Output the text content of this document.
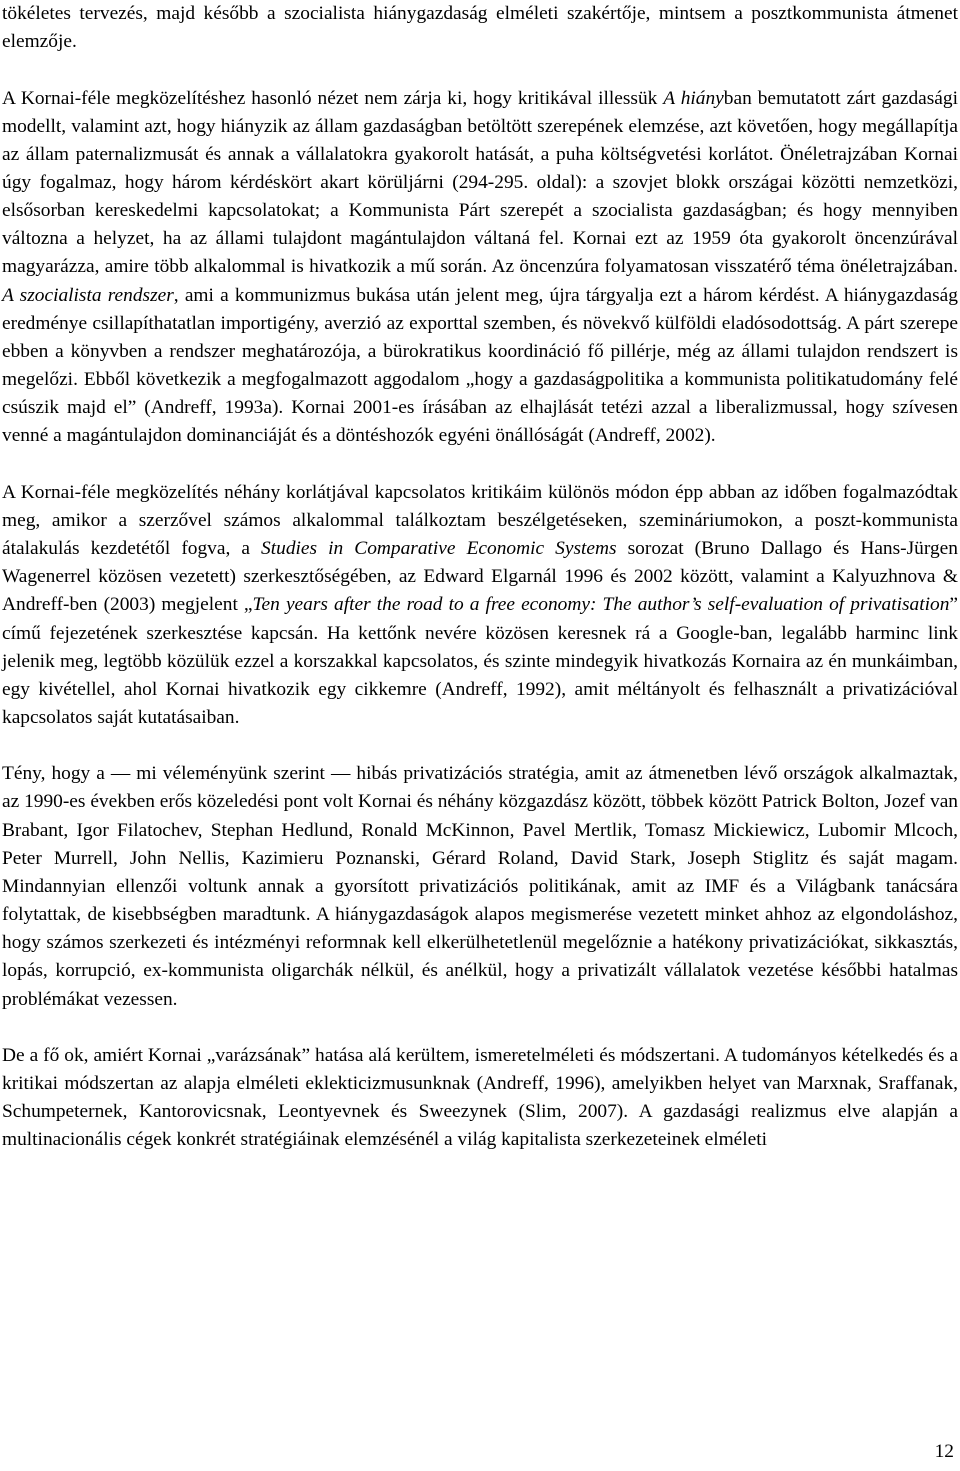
tökéletes tervezés, majd később a szocialista hiánygazdaság elméleti szakértője, mintsem a posztkommunista átmenet elemzője.

A Kornai-féle megközelítéshez hasonló nézet nem zárja ki, hogy kritikával illessük A hiányban bemutatott zárt gazdasági modellt, valamint azt, hogy hiányzik az állam gazdaságban betöltött szerepének elemzése, azt követően, hogy megállapítja az állam paternalizmusát és annak a vállalatokra gyakorolt hatását, a puha költségvetési korlátot. Önéletrajzában Kornai úgy fogalmaz, hogy három kérdéskört akart körüljárni (294-295. oldal): a szovjet blokk országai közötti nemzetközi, elsősorban kereskedelmi kapcsolatokat; a Kommunista Párt szerepét a szocialista gazdaságban; és hogy mennyiben változna a helyzet, ha az állami tulajdont magántulajdon váltaná fel. Kornai ezt az 1959 óta gyakorolt öncenzúrával magyarázza, amire több alkalommal is hivatkozik a mű során. Az öncenzúra folyamatosan visszatérő téma önéletrajzában. A szocialista rendszer, ami a kommunizmus bukása után jelent meg, újra tárgyalja ezt a három kérdést. A hiánygazdaság eredménye csillapíthatatlan importigény, averzió az exporttal szemben, és növekvő külföldi eladósodottság. A párt szerepe ebben a könyvben a rendszer meghatározója, a bürokratikus koordináció fő pillérje, még az állami tulajdon rendszert is megelőzi. Ebből következik a megfogalmazott aggodalom „hogy a gazdaságpolitika a kommunista politikatudomány felé csúszik majd el” (Andreff, 1993a). Kornai 2001-es írásában az elhajlását tetézi azzal a liberalizmussal, hogy szívesen venné a magántulajdon dominanciáját és a döntéshozók egyéni önállóságát (Andreff, 2002).

A Kornai-féle megközelítés néhány korlátjával kapcsolatos kritikáim különös módon épp abban az időben fogalmazódtak meg, amikor a szerzővel számos alkalommal találkoztam beszélgetéseken, szemináriumokon, a poszt-kommunista átalakulás kezdetétől fogva, a Studies in Comparative Economic Systems sorozat (Bruno Dallago és Hans-Jürgen Wagenerrel közösen vezetett) szerkesztőségében, az Edward Elgarnál 1996 és 2002 között, valamint a Kalyuzhnova & Andreff-ben (2003) megjelent „Ten years after the road to a free economy: The author’s self-evaluation of privatisation” című fejezetének szerkesztése kapcsán. Ha kettőnk nevére közösen keresnek rá a Google-ban, legalább harminc link jelenik meg, legtöbb közülük ezzel a korszakkal kapcsolatos, és szinte mindegyik hivatkozás Kornaira az én munkáimban, egy kivétellel, ahol Kornai hivatkozik egy cikkemre (Andreff, 1992), amit méltányolt és felhasznált a privatizációval kapcsolatos saját kutatásaiban.

Tény, hogy a — mi véleményünk szerint — hibás privatizációs stratégia, amit az átmenetben lévő országok alkalmaztak, az 1990-es években erős közeledési pont volt Kornai és néhány közgazdász között, többek között Patrick Bolton, Jozef van Brabant, Igor Filatochev, Stephan Hedlund, Ronald McKinnon, Pavel Mertlik, Tomasz Mickiewicz, Lubomir Mlcoch, Peter Murrell, John Nellis, Kazimieru Poznanski, Gérard Roland, David Stark, Joseph Stiglitz és saját magam. Mindannyian ellenzői voltunk annak a gyorsított privatizációs politikának, amit az IMF és a Világbank tanácsára folytattak, de kisebbségben maradtunk. A hiánygazdaságok alapos megismerése vezetett minket ahhoz az elgondoláshoz, hogy számos szerkezeti és intézményi reformnak kell elkerülhetetlenül megelőznie a hatékony privatizációkat, sikkasztás, lopás, korrupció, ex-kommunista oligarchák nélkül, és anélkül, hogy a privatizált vállalatok vezetése későbbi hatalmas problémákat vezessen.

De a fő ok, amiért Kornai „varázsának” hatása alá kerültem, ismeretelméleti és módszertani. A tudományos kételkedés és a kritikai módszertan az alapja elméleti eklekticizmusunknak (Andreff, 1996), amelyikben helyet van Marxnak, Sraffanak, Schumpeternek, Kantorovicsnak, Leontyevnek és Sweezynek (Slim, 2007). A gazdasági realizmus elve alapján a multinacionális cégek konkrét stratégiáinak elemzésénél a világ kapitalista szerkezeteinek elméleti

12
